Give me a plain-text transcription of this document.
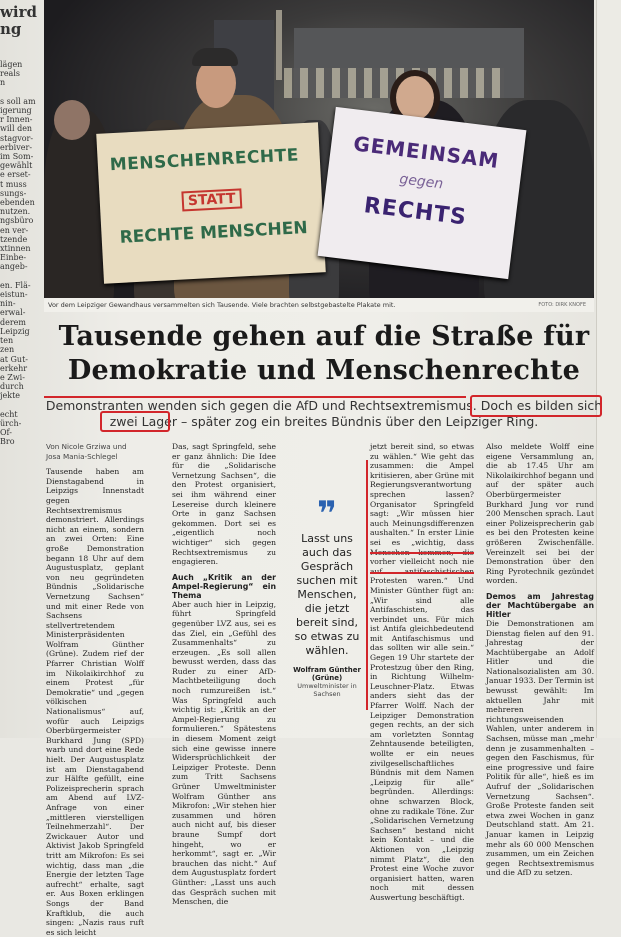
wird
ng

lägen

reals

n

s soll am

igerung

r Innen-

will den

stagvor-

erbiver-

im Som-

gewählt

e erset-

t muss

sungs-

ebenden

nutzen.

ngsbüro

en ver-

tzende

xtinnen

Einbe-

angeb-

en. Flä-

eistun-

nin-

erwal-

derem

Leipzig

ten

zen

at Gut-

erkehr

e Zwi-

durch

jekte

echt

ürch-

Of-

Bro

MENSCHENRECHTE
STATT
RECHTE MENSCHEN
GEMEINSAM
gegen
RECHTS
Vor dem Leipziger Gewandhaus versammelten sich Tausende. Viele brachten selbstgebastelte Plakate mit.	FOTO: DIRK KNOFE
Tausende gehen auf die Straße für
Demokratie und Menschenrechte
Demonstranten wenden sich gegen die AfD und Rechtsextremismus. Doch es bilden sich
zwei Lager – später zog ein breites Bündnis über den Leipziger Ring.
Von Nicole Grziwa und
Josa Mania-Schlegel

Tausende haben am Dienstagabend in Leipzigs Innenstadt gegen Rechtsextremismus demonstriert. Allerdings nicht an einem, sondern an zwei Orten: Eine große Demonstration begann 18 Uhr auf dem Augustusplatz, geplant von neu gegründeten Bündnis „Solidarische Vernetzung Sachsen“ und mit einer Rede von Sachsens stellvertretendem Ministerpräsidenten Wolfram Günther (Grüne). Zudem rief der Pfarrer Christian Wolff im Nikolaikirchhof zu einem Protest „für Demokratie“ und „gegen völkischen Nationalismus“ auf, wofür auch Leipzigs Oberbürgermeister Burkhard Jung (SPD) warb und dort eine Rede hielt. Der Augustusplatz ist am Dienstagabend zur Hälfte gefüllt, eine Polizeisprecherin sprach am Abend auf LVZ-Anfrage von einer „mittleren vierstelligen Teilnehmerzahl“. Der Zwickauer Autor und Aktivist Jakob Springfeld tritt am Mikrofon: Es sei wichtig, dass man „die Energie der letzten Tage aufrecht“ erhalte, sagt er. Aus Boxen erklingen Songs der Band Kraftklub, die auch singen: „Nazis raus ruft es sich leicht

Das, sagt Springfeld, sehe er ganz ähnlich: Die Idee für die „Solidarische Vernetzung Sachsen“, die den Protest organisiert, sei ihm während einer Lesereise durch kleinere Orte in ganz Sachsen gekommen. Dort sei es „eigentlich noch wichtiger“ sich gegen Rechtsextremismus zu engagieren.

Auch „Kritik an der Ampel-Regierung“ ein Thema

Aber auch hier in Leipzig, führt Springfeld gegenüber LVZ aus, sei es das Ziel, ein „Gefühl des Zusammenhalts“ zu erzeugen. „Es soll allen bewusst werden, dass das Ruder zu einer AfD-Machtbeteiligung doch noch rumzureißen ist.“ Was Springfeld auch wichtig ist: „Kritik an der Ampel-Regierung zu formulieren.“ Spätestens in diesem Moment zeigt sich eine gewisse innere Widersprüchlichkeit der Leipziger Proteste. Denn zum Tritt Sachsens Grüner Umweltminister Wolfram Günther ans Mikrofon: „Wir stehen hier zusammen und hören auch nicht auf, bis dieser braune Sumpf dort hingeht, wo er herkommt“, sagt er. „Wir brauchen das nicht.“ Auf dem Augustusplatz fordert Günther: „Lasst uns auch das Gespräch suchen mit Menschen, die

❞
Lasst uns auch das Gespräch suchen mit Menschen, die jetzt bereit sind, so etwas zu wählen.
Wolfram Günther (Grüne)
Umweltminister in Sachsen

jetzt bereit sind, so etwas zu wählen.“ Wie geht das zusammen: die Ampel kritisieren, aber Grüne mit Regierungsverantwortung sprechen lassen? Organisator Springfeld sagt: „Wir müssen hier auch Meinungsdifferenzen aushalten.“ In erster Linie sei es „wichtig, dass vorher vielleicht noch nie Protesten waren.“ Und Minister Günther fügt an: „Wir sind alle Antifaschisten, das verbindet uns. Für mich ist Antifa gleichbedeutend mit Antifaschismus und das sollten wir alle sein.“ Gegen 19 Uhr startete der Protestzug über den Ring, in Richtung Wilhelm-Leuschner-Platz. Etwas anders sieht das der Pfarrer Wolff. Nach der Leipziger Demonstration gegen rechts, an der sich am vorletzten Sonntag Zehntausende beteiligten, wollte er ein neues zivilgesellschaftliches Bündnis mit dem Namen „Leipzig für alle“ begründen. Allerdings: ohne schwarzen Block, ohne zu radikale Töne. Zur „Solidarischen Vernetzung Sachsen“ bestand nicht kein Kontakt – und die Aktionen von „Leipzig nimmt Platz“, die den Protest eine Woche zuvor organisiert hatten, waren noch mit dessen Auswertung beschäftigt.

Also meldete Wolff eine eigene Versammlung an, die ab 17.45 Uhr am Nikolaikirchhof begann und auf der später auch Oberbürgermeister Burkhard Jung vor rund 200 Menschen sprach. Laut einer Polizeisprecherin gab es bei den Protesten keine größeren Zwischenfälle. Vereinzelt sei bei der Demonstration über den Ring Pyrotechnik gezündet worden.

Demos am Jahrestag der Machtübergabe an Hitler

Die Demonstrationen am Dienstag fielen auf den 91. Jahrestag der Machtübergabe an Adolf Hitler und die Nationalsozialisten am 30. Januar 1933. Der Termin ist bewusst gewählt: Im aktuellen Jahr mit mehreren richtungsweisenden Wahlen, unter anderem in Sachsen, müsse man „mehr denn je zusammenhalten – gegen den Faschismus, für eine progressive und faire Politik für alle“, hieß es im Aufruf der „Solidarischen Vernetzung Sachsen“. Große Proteste fanden seit etwa zwei Wochen in ganz Deutschland statt. Am 21. Januar kamen in Leipzig mehr als 60 000 Menschen zusammen, um ein Zeichen gegen Rechtsextremismus und die AfD zu setzen.
